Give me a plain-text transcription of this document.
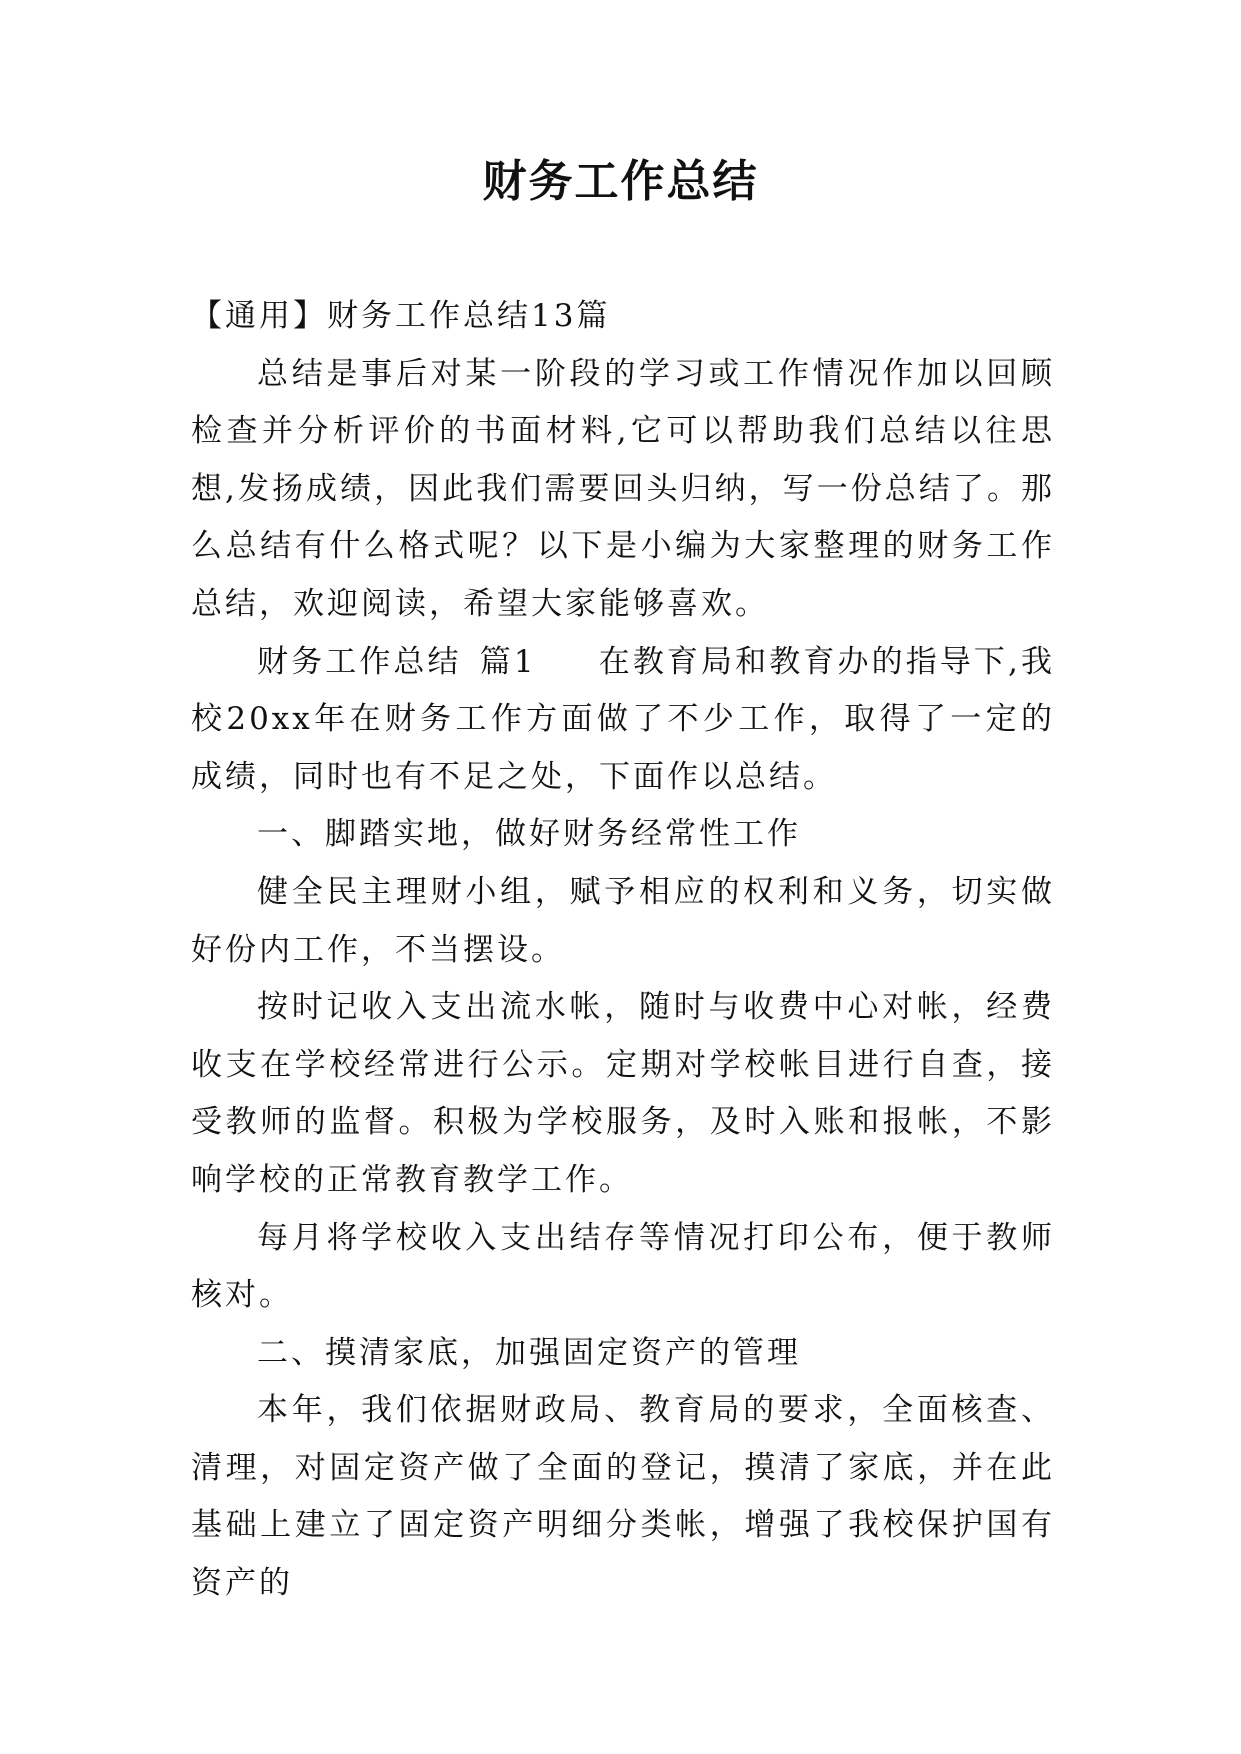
财务工作总结

【通用】财务工作总结13篇

总结是事后对某一阶段的学习或工作情况作加以回顾检查并分析评价的书面材料,它可以帮助我们总结以往思想,发扬成绩，因此我们需要回头归纳，写一份总结了。那么总结有什么格式呢？以下是小编为大家整理的财务工作总结，欢迎阅读，希望大家能够喜欢。

财务工作总结 篇1 在教育局和教育办的指导下,我校20xx年在财务工作方面做了不少工作，取得了一定的成绩，同时也有不足之处，下面作以总结。

一、脚踏实地，做好财务经常性工作

健全民主理财小组，赋予相应的权利和义务，切实做好份内工作，不当摆设。

按时记收入支出流水帐，随时与收费中心对帐，经费收支在学校经常进行公示。定期对学校帐目进行自查，接受教师的监督。积极为学校服务，及时入账和报帐，不影响学校的正常教育教学工作。

每月将学校收入支出结存等情况打印公布，便于教师核对。

二、摸清家底，加强固定资产的管理

本年，我们依据财政局、教育局的要求，全面核查、清理，对固定资产做了全面的登记，摸清了家底，并在此基础上建立了固定资产明细分类帐，增强了我校保护国有资产的
